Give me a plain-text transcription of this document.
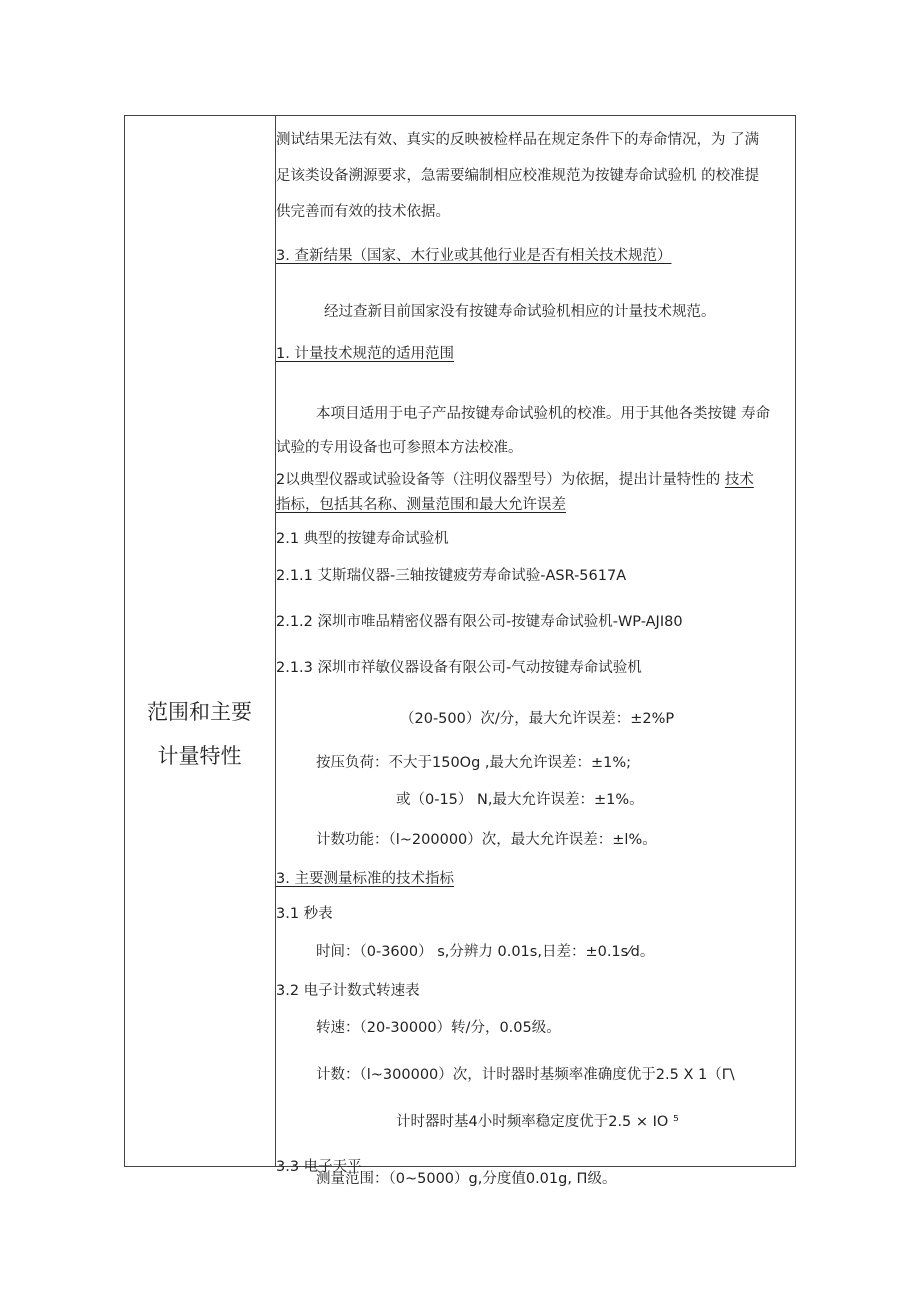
范围和主要
计量特性
测试结果无法有效、真实的反映被检样品在规定条件下的寿命情况，为 了满
足该类设备溯源要求，急需要编制相应校准规范为按键寿命试验机 的校准提
供完善而有效的技术依据。
3. 查新结果（国家、木行业或其他行业是否有相关技术规范）
经过查新目前国家没有按键寿命试验机相应的计量技术规范。
1. 计量技术规范的适用范围
本项目适用于电子产品按键寿命试验机的校准。用于其他各类按键 寿命
试验的专用设备也可参照本方法校准。
2以典型仪器或试验设备等（注明仪器型号）为依据，提出计量特性的 技术
指标，包括其名称、测量范围和最大允许误差
2.1 典型的按键寿命试验机
2.1.1 艾斯瑞仪器-三轴按键疲劳寿命试验-ASR-5617A
2.1.2 深圳市唯品精密仪器有限公司-按键寿命试验机-WP-AJI80
2.1.3 深圳市祥敏仪器设备有限公司-气动按键寿命试验机
（20-500）次/分，最大允许误差：±2%P
按压负荷：不大于150Og ,最大允许误差：±1%;
或（0-15） N,最大允许误差：±1%。
计数功能：（l~200000）次，最大允许误差：±l%。
3. 主要测量标准的技术指标
3.1 秒表
时间：（0-3600） s,分辨力 0.01s,日差：±0.1s⁄d。
3.2 电子计数式转速表
转速：（20-30000）转/分，0.05级。
计数：（l~300000）次，计时器时基频率准确度优于2.5 X 1（Γ\
计时器时基4小时频率稳定度优于2.5 × IO ⁵
3.3 电子天平
测量范围：（0~5000）g,分度值0.01g, Π级。
